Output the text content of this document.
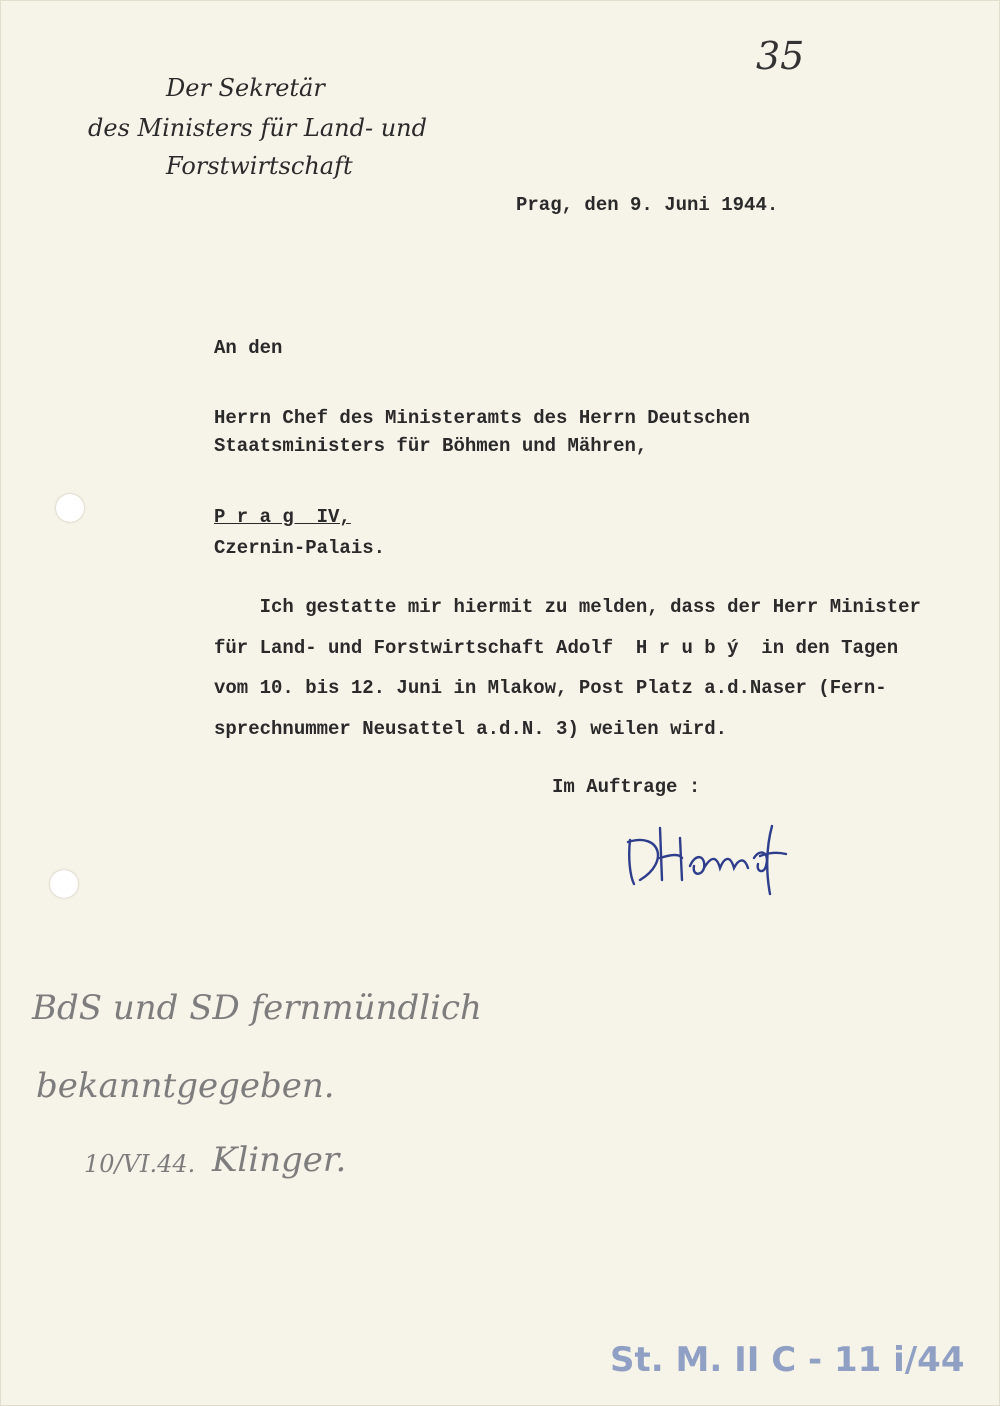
35
Der Sekretär
des Ministers für Land- und
Forstwirtschaft
Prag, den 9. Juni 1944.
An den
Herrn Chef des Ministeramts des Herrn Deutschen
Staatsministers für Böhmen und Mähren,
P r a g  IV,
Czernin-Palais.
Ich gestatte mir hiermit zu melden, dass der Herr Minister
für Land- und Forstwirtschaft Adolf  H r u b ý  in den Tagen
vom 10. bis 12. Juni in Mlakow, Post Platz a.d.Naser (Fern-
sprechnummer Neusattel a.d.N. 3) weilen wird.
Im Auftrage :
BdS und SD fernmündlich
bekanntgegeben.
10/VI.44. Klinger.
St. M. II C - 11 i/44
